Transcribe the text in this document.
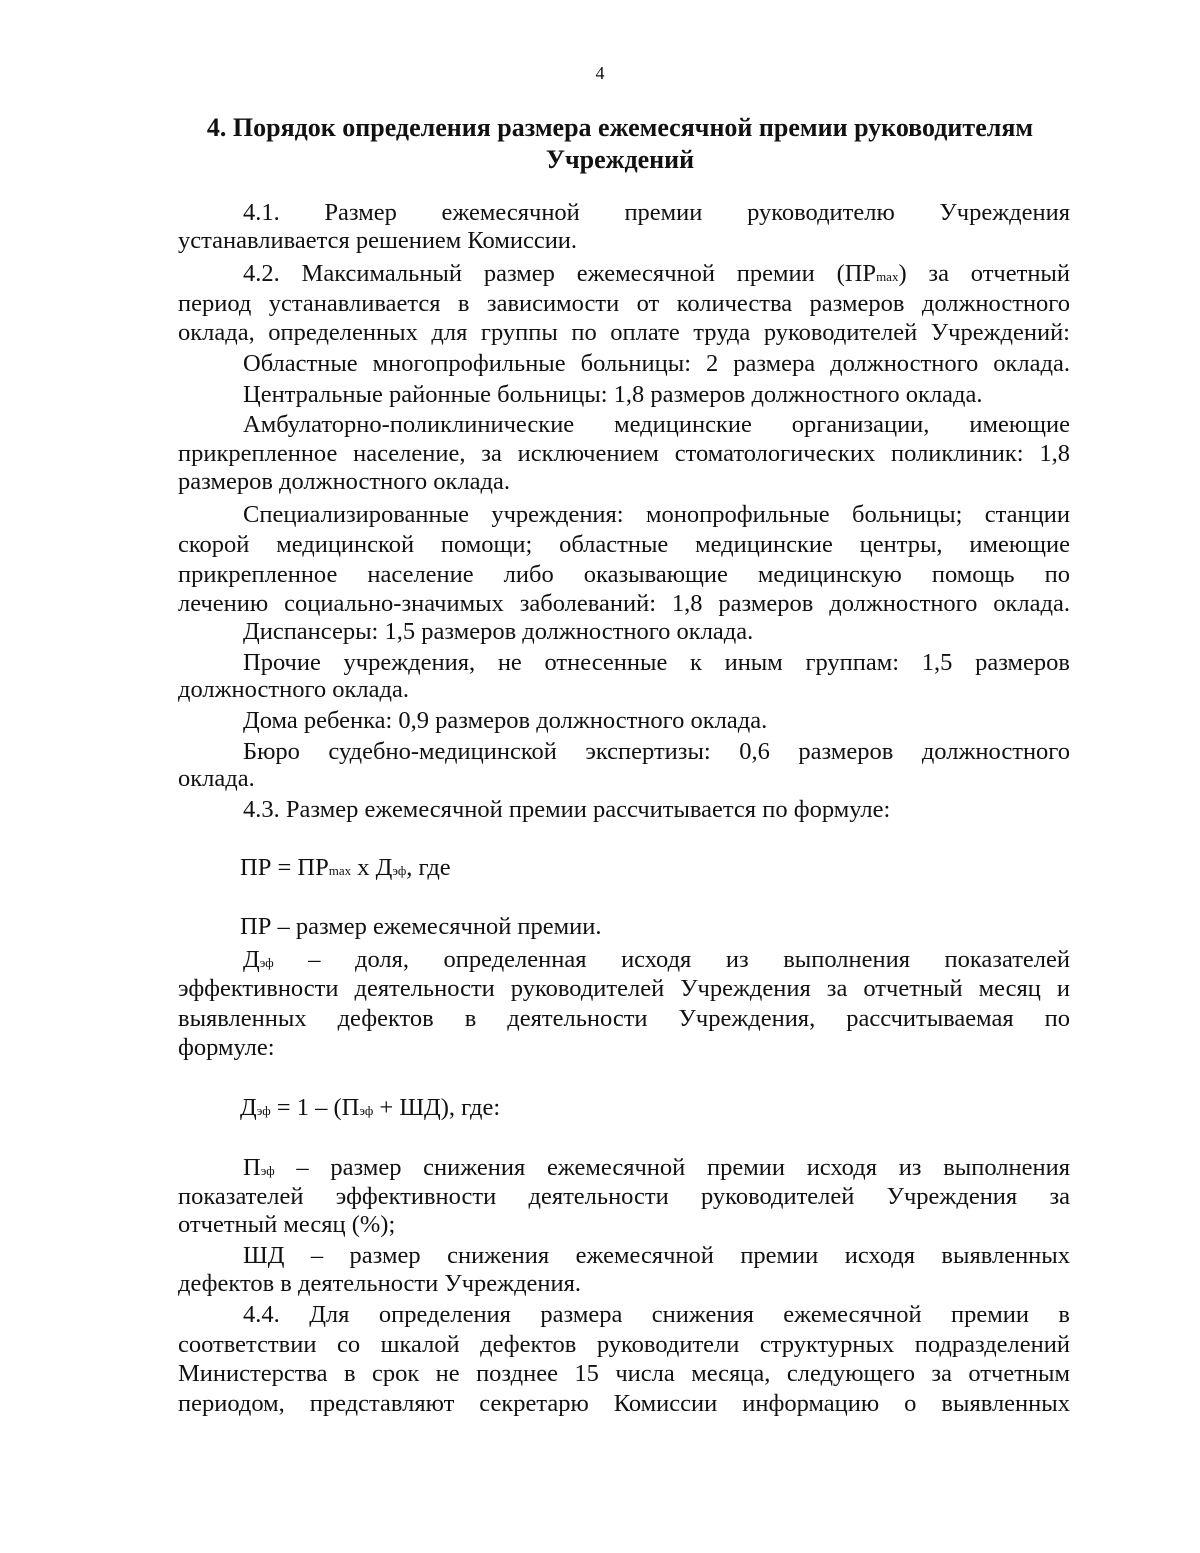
4
4. Порядок определения размера ежемесячной премии руководителям
Учреждений
4.1. Размер ежемесячной премии руководителю Учреждения
устанавливается решением Комиссии.
4.2. Максимальный размер ежемесячной премии (ПРmax) за отчетный
период устанавливается в зависимости от количества размеров должностного
оклада, определенных для группы по оплате труда руководителей Учреждений:
Областные многопрофильные больницы: 2 размера должностного оклада.
Центральные районные больницы: 1,8 размеров должностного оклада.
Амбулаторно-поликлинические медицинские организации, имеющие
прикрепленное население, за исключением стоматологических поликлиник: 1,8
размеров должностного оклада.
Специализированные учреждения: монопрофильные больницы; станции
скорой медицинской помощи; областные медицинские центры, имеющие
прикрепленное население либо оказывающие медицинскую помощь по
лечению социально-значимых заболеваний: 1,8 размеров должностного оклада.
Диспансеры: 1,5 размеров должностного оклада.
Прочие учреждения, не отнесенные к иным группам: 1,5 размеров
должностного оклада.
Дома ребенка: 0,9 размеров должностного оклада.
Бюро судебно-медицинской экспертизы: 0,6 размеров должностного
оклада.
4.3. Размер ежемесячной премии рассчитывается по формуле:
ПР = ПРmax х Дэф, где
ПР – размер ежемесячной премии.
Дэф – доля, определенная исходя из выполнения показателей
эффективности деятельности руководителей Учреждения за отчетный месяц и
выявленных дефектов в деятельности Учреждения, рассчитываемая по
формуле:
Дэф = 1 – (Пэф + ШД), где:
Пэф – размер снижения ежемесячной премии исходя из выполнения
показателей эффективности деятельности руководителей Учреждения за
отчетный месяц (%);
ШД – размер снижения ежемесячной премии исходя выявленных
дефектов в деятельности Учреждения.
4.4. Для определения размера снижения ежемесячной премии в
соответствии со шкалой дефектов руководители структурных подразделений
Министерства в срок не позднее 15 числа месяца, следующего за отчетным
периодом, представляют секретарю Комиссии информацию о выявленных
